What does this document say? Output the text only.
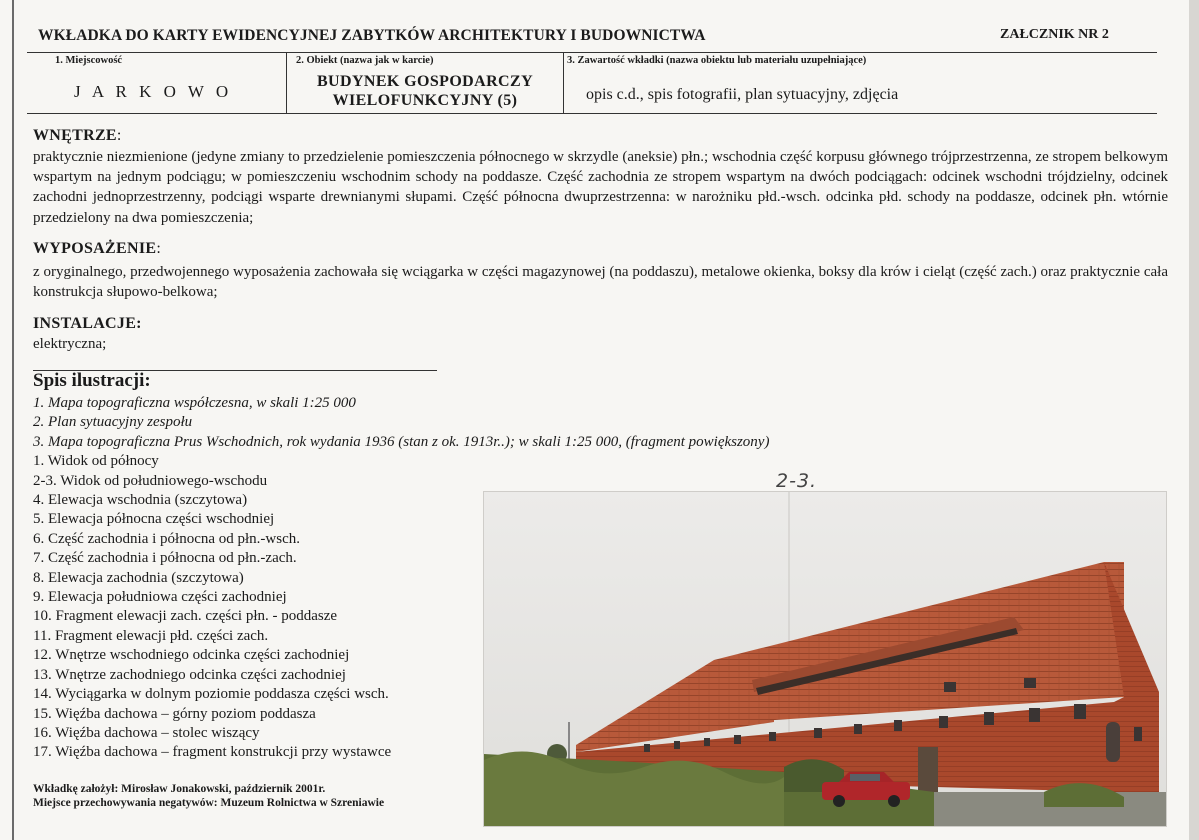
WKŁADKA DO KARTY EWIDENCYJNEJ ZABYTKÓW ARCHITEKTURY I BUDOWNICTWA	ZAŁCZNIK NR 2
1. Miejscowość
J A R K O W O
2. Obiekt (nazwa jak w karcie)
BUDYNEK GOSPODARCZY
WIELOFUNKCYJNY (5)
3. Zawartość wkładki (nazwa obiektu lub materiału uzupełniające)
opis c.d., spis fotografii, plan sytuacyjny, zdjęcia
WNĘTRZE:
praktycznie niezmienione (jedyne zmiany to przedzielenie pomieszczenia północnego w skrzydle (aneksie) płn.; wschodnia część korpusu głównego trójprzestrzenna, ze stropem belkowym wspartym na jednym podciągu; w pomieszczeniu wschodnim schody na poddasze. Część zachodnia ze stropem wspartym na dwóch podciągach: odcinek wschodni trójdzielny, odcinek zachodni jednoprzestrzenny, podciągi wsparte drewnianymi słupami. Część północna dwuprzestrzenna: w narożniku płd.-wsch. odcinka płd. schody na poddasze, odcinek płn. wtórnie przedzielony na dwa pomieszczenia;
WYPOSAŻENIE:
z oryginalnego, przedwojennego wyposażenia zachowała się wciągarka w części magazynowej (na poddaszu), metalowe okienka, boksy dla krów i cieląt (część zach.) oraz praktycznie cała konstrukcja słupowo-belkowa;
INSTALACJE:
elektryczna;
Spis ilustracji:
1. Mapa topograficzna współczesna, w skali 1:25 000
2. Plan sytuacyjny zespołu
3. Mapa topograficzna Prus Wschodnich, rok wydania 1936 (stan z ok. 1913r..); w skali 1:25 000, (fragment powiększony)
1. Widok od północy
2-3. Widok od południowego-wschodu
4. Elewacja wschodnia (szczytowa)
5. Elewacja północna części wschodniej
6. Część zachodnia i północna od płn.-wsch.
7. Część zachodnia i północna od płn.-zach.
8. Elewacja zachodnia (szczytowa)
9. Elewacja południowa części zachodniej
10. Fragment elewacji zach. części płn. - poddasze
11. Fragment elewacji płd. części zach.
12. Wnętrze wschodniego odcinka części zachodniej
13. Wnętrze zachodniego odcinka części zachodniej
14. Wyciągarka w dolnym poziomie poddasza części wsch.
15. Więźba dachowa – górny poziom poddasza
16. Więźba dachowa – stolec wiszący
17. Więźba dachowa – fragment konstrukcji przy wystawce
Wkładkę założył: Mirosław Jonakowski, październik 2001r.
Miejsce przechowywania negatywów: Muzeum Rolnictwa w Szreniawie
2-3.
